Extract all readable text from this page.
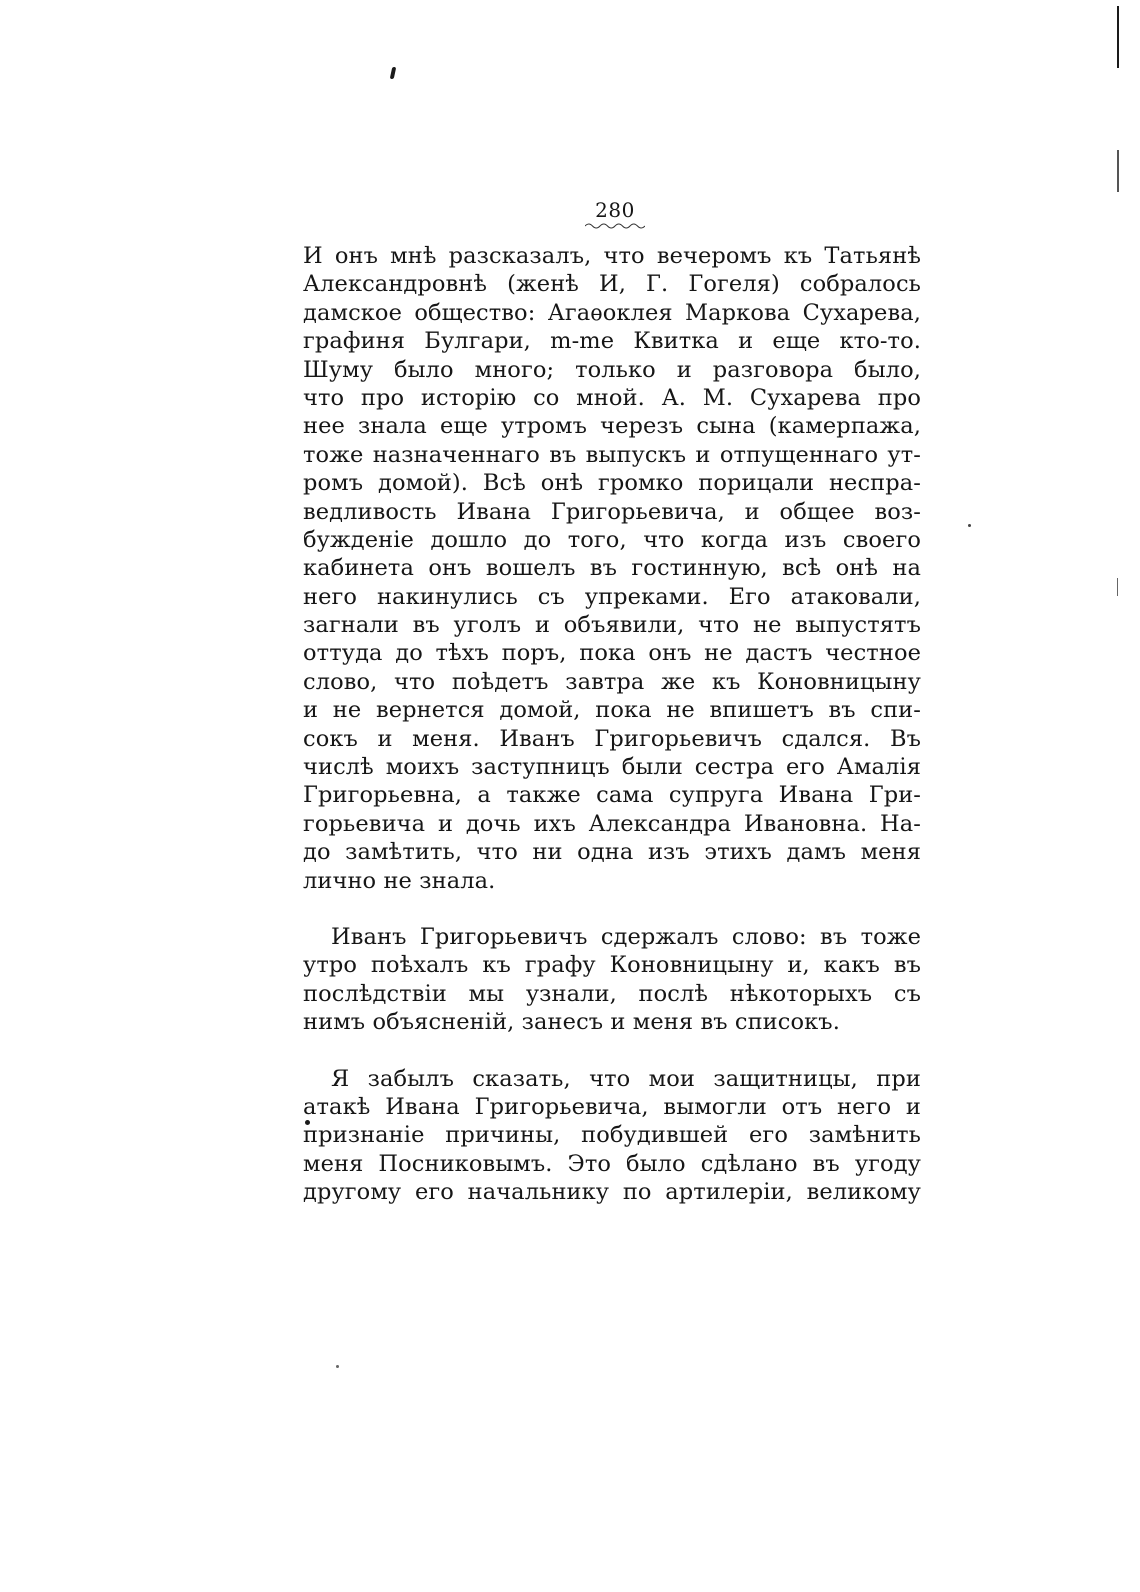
280
И онъ мнѣ разсказалъ, что вечеромъ къ Татьянѣ
Александровнѣ (женѣ И, Г. Гогеля) собралось
дамское общество: Агаѳоклея Маркова Сухарева,
графиня Булгари, m-me Квитка и еще кто-то.
Шуму было много; только и разговора было,
что про исторію со мной. А. М. Сухарева про
нее знала еще утромъ черезъ сына (камерпажа,
тоже назначеннаго въ выпускъ и отпущеннаго ут-
ромъ домой). Всѣ онѣ громко порицали неспра-
ведливость Ивана Григорьевича, и общее воз-
бужденіе дошло до того, что когда изъ своего
кабинета онъ вошелъ въ гостинную, всѣ онѣ на
него накинулись съ упреками. Его атаковали,
загнали въ уголъ и объявили, что не выпустятъ
оттуда до тѣхъ поръ, пока онъ не дастъ честное
слово, что поѣдетъ завтра же къ Коновницыну
и не вернется домой, пока не впишетъ въ спи-
сокъ и меня. Иванъ Григорьевичъ сдался. Въ
числѣ моихъ заступницъ были сестра его Амалія
Григорьевна, а также сама супруга Ивана Гри-
горьевича и дочь ихъ Александра Ивановна. На-
до замѣтить, что ни одна изъ этихъ дамъ меня
лично не знала.
Иванъ Григорьевичъ сдержалъ слово: въ тоже
утро поѣхалъ къ графу Коновницыну и, какъ въ
послѣдствіи мы узнали, послѣ нѣкоторыхъ съ
нимъ объясненій, занесъ и меня въ списокъ.
Я забылъ сказать, что мои защитницы, при
атакѣ Ивана Григорьевича, вымогли отъ него и
признаніе причины, побудившей его замѣнить
меня Посниковымъ. Это было сдѣлано въ угоду
другому его начальнику по артилеріи, великому
